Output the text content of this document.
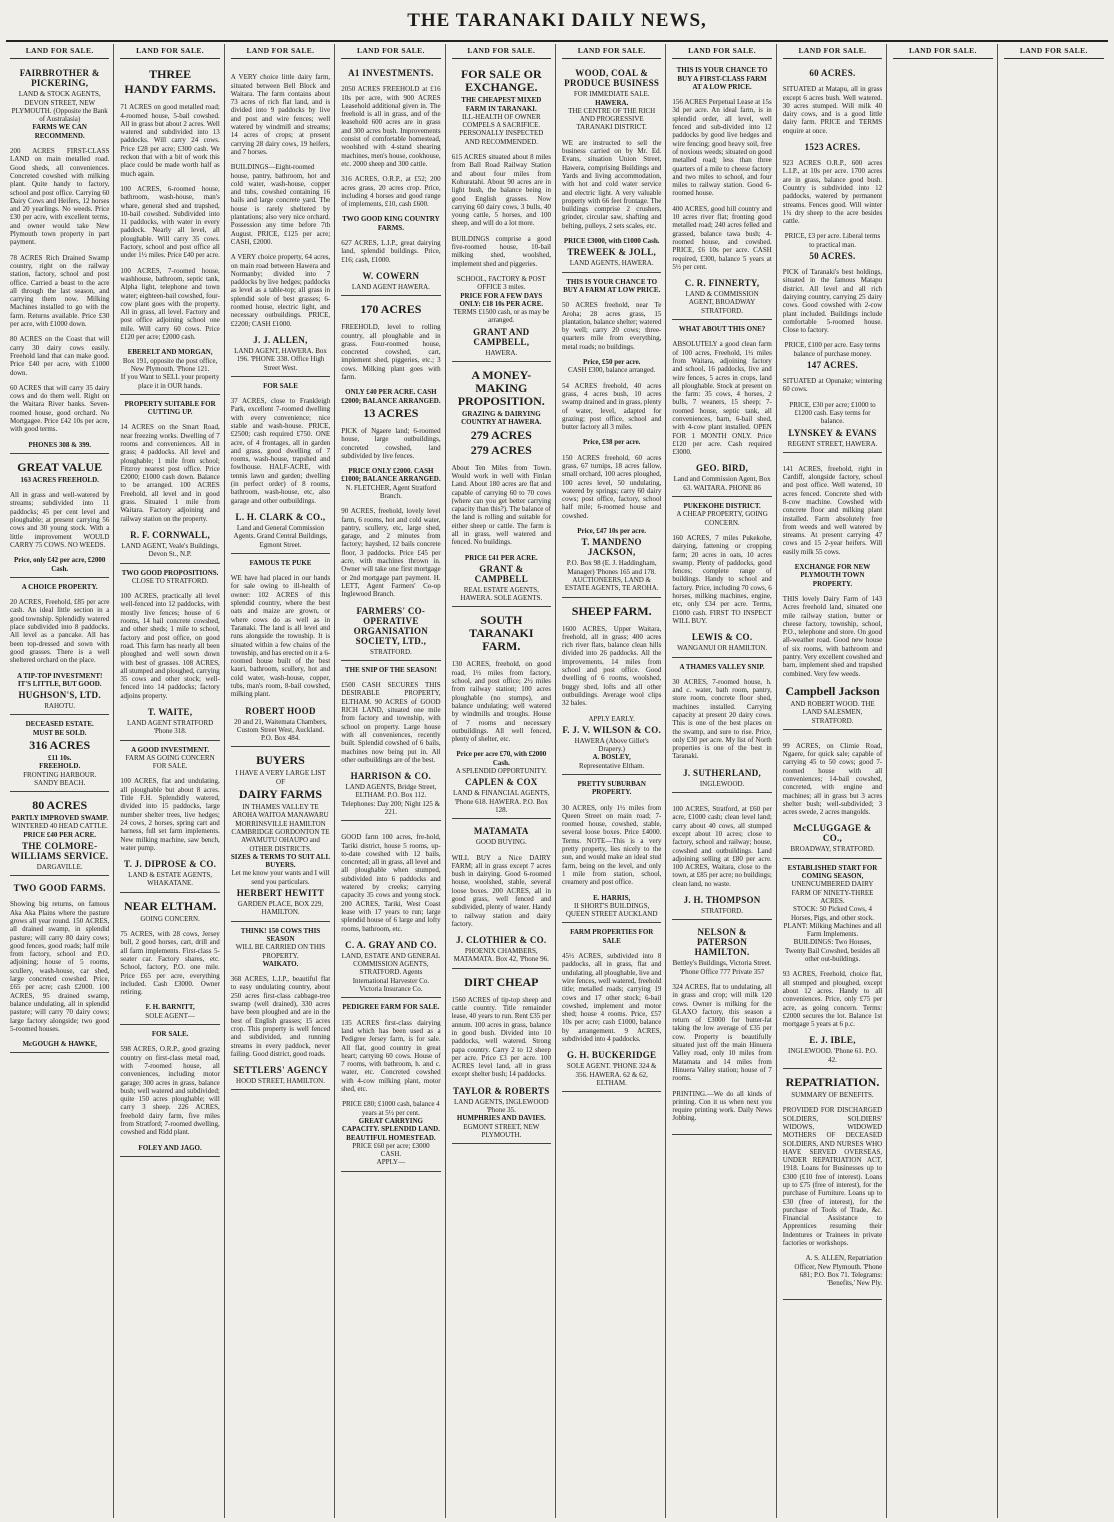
THE TARANAKI DAILY NEWS,
LAND FOR SALE.
FAIRBROTHER & PICKERING,
LAND & STOCK AGENTS,
DEVON STREET, NEW PLYMOUTH. (Opposite the Bank of Australasia)
FARMS WE CAN RECOMMEND.

200 ACRES FIRST-CLASS LAND on main metalled road. Good sheds, all conveniences. Concreted cowshed with milking plant. Quite handy to factory, school and post office. Carrying 60 Dairy Cows and Heifers, 12 horses and 20 yearlings. No weeds. Price £30 per acre, with excellent terms, and owner would take New Plymouth town property in part payment.

78 ACRES Rich Drained Swamp country, right on the railway station, factory, school and post office. Carried a beast to the acre all through the last season, and carrying them now. Milking Machines installed to go with the farm. Returns available. Price £30 per acre, with £1000 down.

80 ACRES on the Coast that will carry 30 dairy cows easily. Freehold land that can make good. Price £40 per acre, with £1000 down.

60 ACRES that will carry 35 dairy cows and do them well. Right on the Waitara River banks. Seven-roomed house, good orchard. No Mortgagee. Price £42 10s per acre, with good terms.

PHONES 308 & 399.
GREAT VALUE
163 ACRES FREEHOLD.

All in grass and well-watered by streams; subdivided into 11 paddocks; 45 per cent level and ploughable; at present carrying 56 cows and 30 young stock. With a little improvement WOULD CARRY 75 COWS. NO WEEDS.

Price, only £42 per acre, £2000 Cash.
A CHOICE PROPERTY.

20 ACRES, Freehold, £85 per acre cash. An ideal little section in a good township. Splendidly watered place subdivided into 8 paddocks. All level as a pancake. All has been top-dressed and sown with good grasses. There is a well sheltered orchard on the place.

A TIP-TOP INVESTMENT! IT'S LITTLE, BUT GOOD.
HUGHSON'S, LTD.
RAHOTU.
DECEASED ESTATE.
MUST BE SOLD.
316 ACRES
£11 10s.
FREEHOLD.
FRONTING HARBOUR.
SANDY BEACH.
80 ACRES
PARTLY IMPROVED SWAMP.
WINTERED 40 HEAD CATTLE.
PRICE £40 PER ACRE.
THE COLMORE-WILLIAMS SERVICE.
DARGAVILLE.
TWO GOOD FARMS.

Showing big returns, on famous Aka Aka Plains where the pasture grows all year round. 150 ACRES, all drained swamp, in splendid pasture; will carry 80 dairy cows; good fences, good roads; half mile from factory, school and P.O. adjoining; house of 5 rooms, scullery, wash-house, car shed, large concreted cowshed. Price, £65 per acre; cash £2000. 100 ACRES, 95 drained swamp, balance undulating, all in splendid pasture; will carry 70 dairy cows; large factory alongside; two good 5-roomed houses.

McGOUGH & HAWKE,
LAND FOR SALE.
THREE
HANDY FARMS.

71 ACRES on good metalled road; 4-roomed house, 5-bail cowshed. All in grass but about 2 acres. Well watered and subdivided into 13 paddocks. Will carry 24 cows. Price £28 per acre; £300 cash. We reckon that with a bit of work this place could be made worth half as much again.

100 ACRES, 6-roomed house, bathroom, wash-house, man's whare, general shed and trapshed, 10-bail cowshed. Subdivided into 11 paddocks, with water in every paddock. Nearly all level, all ploughable. Will carry 35 cows. Factory, school and post office all under 1½ miles. Price £40 per acre.

100 ACRES, 7-roomed house, washhouse, bathroom, septic tank, Alpha light, telephone and town water; eighteen-bail cowshed, four-cow plant goes with the property. All in grass, all level. Factory and post office adjoining school one mile. Will carry 60 cows. Price £120 per acre; £2000 cash.

EBERELT AND MORGAN,
Box 191, opposite the post office, New Plymouth. 'Phone 121.
If you Want to SELL your property place it in OUR hands.
PROPERTY SUITABLE FOR CUTTING UP.

14 ACRES on the Smart Road, near freezing works. Dwelling of 7 rooms and conveniences. All in grass; 4 paddocks. All level and ploughable; 1 mile from school; Fitzroy nearest post office. Price £2000; £1000 cash down. Balance to be arranged. 100 ACRES Freehold, all level and in good grass. Situated 1 mile from Waitara. Factory adjoining and railway station on the property.

R. F. CORNWALL,
LAND AGENT, Veale's Buildings, Devon St., N.P.
TWO GOOD PROPOSITIONS.
CLOSE TO STRATFORD.

100 ACRES, practically all level well-fenced into 12 paddocks, with mostly live fences; house of 6 rooms, 14 bail concrete cowshed, and other sheds; 1 mile to school, factory and post office, on good road. This farm has nearly all been ploughed and well sown down with best of grasses. 108 ACRES, all stumped and ploughed, carrying 35 cows and other stock; well-fenced into 14 paddocks; factory adjoins property.

T. WAITE,
LAND AGENT STRATFORD 'Phone 318.
A GOOD INVESTMENT.
FARM AS GOING CONCERN
FOR SALE.

100 ACRES, flat and undulating, all ploughable but about 8 acres. Title F.H. Splendidly watered, divided into 15 paddocks, large number shelter trees, live hedges; 24 cows, 2 horses, spring cart and harness, full set farm implements. New milking machine, saw bench, water pump.

T. J. DIPROSE & CO.
LAND & ESTATE AGENTS, WHAKATANE.
NEAR ELTHAM.
GOING CONCERN.

75 ACRES, with 28 cows, Jersey bull, 2 good horses, cart, drill and all farm implements. First-class 5-seater car. Factory shares, etc. School, factory, P.O. one mile. Price £65 per acre, everything included. Cash £3000. Owner retiring.

F. H. BARNITT,
SOLE AGENT—
FOR SALE.

598 ACRES, O.R.P., good grazing country on first-class metal road, with 7-roomed house, all conveniences, including motor garage; 300 acres in grass, balance bush; well watered and subdivided; quite 150 acres ploughable; will carry 3 sheep. 226 ACRES, freehold dairy farm, five miles from Stratford; 7-roomed dwelling, cowshed and Ridd plant.

FOLEY AND JAGO.
LAND FOR SALE.

A VERY choice little dairy farm, situated between Bell Block and Waitara. The farm contains about 73 acres of rich flat land, and is divided into 9 paddocks by live and post and wire fences; well watered by windmill and streams; 14 acres of crops; at present carrying 28 dairy cows, 19 heifers, and 7 horses.

BUILDINGS—Eight-roomed house, pantry, bathroom, hot and cold water, wash-house, copper and tubs, cowshed containing 16 bails and large concrete yard. The house is rarely sheltered by plantations; also very nice orchard. Possession any time before 7th August. PRICE, £125 per acre; CASH, £2000.

A VERY choice property, 64 acres, on main road between Hawera and Normanby; divided into 7 paddocks by live hedges; paddocks as level as a table-top; all grass in splendid sole of best grasses; 6-roomed house, electric light, and necessary outbuildings. PRICE, £2200; CASH £1000.

J. J. ALLEN,
LAND AGENT, HAWERA. Box 196. 'PHONE 338. Office High Street West.
FOR SALE

37 ACRES, close to Frankleigh Park, excellent 7-roomed dwelling with every convenience; nice stable and wash-house. PRICE, £2500; cash required £750. ONE acre, of 4 frontages, all in garden and grass, good dwelling of 7 rooms, wash-house, trapshed and fowlhouse. HALF-ACRE, with tennis lawn and garden; dwelling (in perfect order) of 8 rooms, bathroom, wash-house, etc, also garage and other outbuildings.

L. H. CLARK & CO.,
Land and General Commission Agents. Grand Central Buildings, Egmont Street.
FAMOUS TE PUKE

WE have had placed in our hands for sale owing to ill-health of owner: 102 ACRES of this splendid country, where the best oats and maize are grown, or where cows do as well as in Taranaki. The land is all level and runs alongside the township. It is situated within a few chains of the township, and has erected on it a 6-roomed house built of the best kauri, bathroom, scullery, hot and cold water, wash-house, copper, tubs, man's room, 8-bail cowshed, milking plant.

ROBERT HOOD
20 and 21, Waitemata Chambers, Custom Street West, Auckland. P.O. Box 484.
BUYERS
I HAVE A VERY LARGE LIST OF
DAIRY FARMS
IN THAMES VALLEY TE AROHA WAITOA MANAWARU MORRINSVILLE HAMILTON CAMBRIDGE GORDONTON TE AWAMUTU OHAUPO and OTHER DISTRICTS.
SIZES & TERMS TO SUIT ALL BUYERS.
Let me know your wants and I will send you particulars.
HERBERT HEWITT
GARDEN PLACE, BOX 229, HAMILTON.
THINK! 150 COWS THIS SEASON
WILL BE CARRIED ON THIS PROPERTY.
WAIKATO.

368 ACRES, L.I.P., beautiful flat to easy undulating country, about 250 acres first-class cabbage-tree swamp (well drained), 330 acres have been ploughed and are in the best of English grasses; 15 acres crop. This property is well fenced and subdivided, and running streams in every paddock, never failing. Good district, good roads.

SETTLERS' AGENCY
HOOD STREET, HAMILTON.
LAND FOR SALE.
A1 INVESTMENTS.

2050 ACRES FREEHOLD at £16 10s per acre, with 900 ACRES Leasehold additional given in. The freehold is all in grass, and of the leasehold 600 acres are in grass and 300 acres bush. Improvements consist of comfortable homestead, woolshed with 4-stand shearing machines, men's house, cookhouse, etc. 2000 sheep and 300 cattle.

316 ACRES, O.R.P., at £52; 200 acres grass, 20 acres crop. Price, including 4 horses and good range of implements, £10, cash £600.

TWO GOOD KING COUNTRY FARMS.

627 ACRES, L.I.P., great dairying land, splendid buildings. Price, £16; cash, £1000.

W. COWERN
LAND AGENT HAWERA.
170 ACRES

FREEHOLD, level to rolling country, all ploughable and in grass. Four-roomed house, concreted cowshed, cart, implement shed, piggeries, etc.; 3 cows. Milking plant goes with farm.

ONLY £40 PER ACRE. CASH £2000; BALANCE ARRANGED.
13 ACRES

PICK of Ngaere land; 6-roomed house, large outbuildings, concreted cowshed, land subdivided by live fences.

PRICE ONLY £2000. CASH £1000; BALANCE ARRANGED.
N. FLETCHER, Agent Stratford Branch.

90 ACRES, freehold, lovely level farm, 6 rooms, hot and cold water, pantry, scullery, etc, large shed, garage, and 2 minutes from factory; hayshed, 12 bails concrete floor, 3 paddocks. Price £45 per acre, with machines thrown in. Owner will take one first mortgage or 2nd mortgage part payment. H. LETT, Agent Farmers' Co-op Inglewood Branch.

FARMERS' CO-OPERATIVE ORGANISATION SOCIETY, LTD.,
STRATFORD.
THE SNIP OF THE SEASON!

£500 CASH SECURES THIS DESIRABLE PROPERTY, ELTHAM. 90 ACRES of GOOD RICH LAND, situated one mile from factory and township, with school on property. Large house with all conveniences, recently built. Splendid cowshed of 6 bails, machines now being put in. All other outbuildings are of the best.

HARRISON & CO.
LAND AGENTS, Bridge Street, ELTHAM. P.O. Box 112. Telephones: Day 200; Night 125 & 221.

GOOD farm 100 acres, fre-hold, Tariki district, house 5 rooms, up-to-date cowshed with 12 bails, concreted; all in grass, all level and all ploughable when stumped, subdivided into 6 paddocks and watered by creeks; carrying capacity 35 cows and young stock. 200 ACRES, Tariki, West Coast lease with 17 years to run; large splendid house of 6 large and lofty rooms, bathroom, etc.

C. A. GRAY AND CO.
LAND, ESTATE AND GENERAL COMMISSION AGENTS, STRATFORD. Agents International Harvester Co. Victoria Insurance Co.
PEDIGREE FARM FOR SALE.

135 ACRES first-class dairying land which has been used as a Pedigree Jersey farm, is for sale. All flat, good country in great heart; carrying 60 cows. House of 7 rooms, with bathroom, h. and c. water, etc. Concreted cowshed with 4-cow milking plant, motor shed, etc.

PRICE £80; £1000 cash, balance 4 years at 5½ per cent.
GREAT CARRYING CAPACITY. SPLENDID LAND. BEAUTIFUL HOMESTEAD.
PRICE £60 per acre; £3000 CASH.
APPLY—
LAND FOR SALE.
FOR SALE OR EXCHANGE.
THE CHEAPEST MIXED FARM IN TARANAKI.
ILL-HEALTH OF OWNER COMPELS A SACRIFICE.
PERSONALLY INSPECTED AND RECOMMENDED.

615 ACRES situated about 8 miles from Ball Road Railway Station and about four miles from Kohuratahi. About 90 acres are in light bush, the balance being in good English grasses. Now carrying 60 dairy cows, 3 bulls, 40 young cattle, 5 horses, and 100 sheep, and will do a lot more.

BUILDINGS comprise a good five-roomed house, 10-bail milking shed, woolshed, implement shed and piggeries.

SCHOOL, FACTORY & POST OFFICE 3 miles.
PRICE FOR A FEW DAYS ONLY: £18 10s PER ACRE.
TERMS £1500 cash, or as may be arranged.
GRANT AND CAMPBELL,
HAWERA.
A MONEY-MAKING PROPOSITION.
GRAZING & DAIRYING COUNTRY AT HAWERA.
279 ACRES
279 ACRES

About Ten Miles from Town. Would work in well with Finlan Land. About 180 acres are flat and capable of carrying 60 to 70 cows (where can you get better carrying capacity than this?). The balance of the land is rolling and suitable for either sheep or cattle. The farm is all in grass, well watered and fenced. No buildings.

PRICE £41 PER ACRE.
GRANT & CAMPBELL
REAL ESTATE AGENTS, HAWERA. SOLE AGENTS.
SOUTH TARANAKI FARM.

130 ACRES, freehold, on good road, 1½ miles from factory, school, and post office; 2½ miles from railway station; 100 acres ploughable (no stumps), and balance undulating; well watered by windmills and troughs. House of 7 rooms and necessary outbuildings. All well fenced, plenty of shelter, etc.

Price per acre £70, with £2000 Cash.
A SPLENDID OPPORTUNITY.
CAPLEN & COX
LAND & FINANCIAL AGENTS, 'Phone 618. HAWERA. P.O. Box 128.
MATAMATA
GOOD BUYING.

WILL BUY a Nice DAIRY FARM; all in grass except 7 acres bush in dairying. Good 6-roomed house, woolshed, stable, several loose boxes. 200 ACRES, all in good grass, well fenced and subdivided, plenty of water. Handy to railway station and dairy factory.

J. CLOTHIER & CO.
PHOENIX CHAMBERS, MATAMATA. Box 42, 'Phone 96.
DIRT CHEAP

1560 ACRES of tip-top sheep and cattle country. Title remainder lease, 40 years to run. Rent £35 per annum. 100 acres in grass, balance in good bush. Divided into 10 paddocks, well watered. Strong papa country. Carry 2 to 12 sheep per acre. Price £3 per acre. 100 ACRES level land, all in grass except shelter bush; 14 paddocks.

TAYLOR & ROBERTS
LAND AGENTS, INGLEWOOD 'Phone 35.
HUMPHRIES AND DAVIES.
EGMONT STREET, NEW PLYMOUTH.
LAND FOR SALE.
WOOD, COAL & PRODUCE BUSINESS
FOR IMMEDIATE SALE.
HAWERA.
THE CENTRE OF THE RICH AND PROGRESSIVE TARANAKI DISTRICT.

WE are instructed to sell the business carried on by Mr. Ed. Evans, situation Union Street, Hawera, comprising Buildings and Yards and living accommodation, with hot and cold water service and electric light. A very valuable property with 66 feet frontage. The buildings comprise 2 crushers, grinder, circular saw, shafting and belting, pulleys, 2 sets scales, etc.

PRICE £3000, with £1000 Cash.
TREWEEK & JOLL,
LAND AGENTS, HAWERA.
THIS IS YOUR CHANCE TO BUY A FARM AT LOW PRICE.

50 ACRES freehold, near Te Aroha; 28 acres grass, 15 plantation, balance shelter; watered by well; carry 20 cows; three-quarters mile from everything, metal roads; no buildings.

Price, £50 per acre.
CASH £300, balance arranged.

54 ACRES freehold, 40 acres grass, 4 acres bush, 10 acres swamp drained and in grass, plenty of water, level, adapted for grazing; post office, school and butter factory all 3 miles.

Price, £38 per acre.

150 ACRES freehold, 60 acres grass, 67 turnips, 18 acres fallow, small orchard, 100 acres ploughed, 100 acres level, 50 undulating, watered by springs; carry 60 dairy cows; post office, factory, school half mile; 6-roomed house and cowshed.

Price, £47 10s per acre.
T. MANDENO JACKSON,
P.O. Box 98 (E. J. Haddingham, Manager) 'Phones 165 and 178. AUCTIONEERS, LAND & ESTATE AGENTS, TE AROHA.
SHEEP FARM.

1600 ACRES, Upper Waitara, freehold, all in grass; 400 acres rich river flats, balance clean hills divided into 26 paddocks. All the improvements, 14 miles from school and post office. Good dwelling of 6 rooms, woolshed, buggy shed, lofts and all other outbuildings. Average wool clips 32 bales.

APPLY EARLY.
F. J. V. WILSON & CO.
HAWERA (Above Gillet's Drapery.)
A. BOSLEY,
Representative Eltham.
PRETTY SUBURBAN PROPERTY.

30 ACRES, only 1½ miles from Queen Street on main road; 7-roomed house, cowshed, stable, several loose boxes. Price £4000. Terms. NOTE—This is a very pretty property, lies nicely to the sun, and would make an ideal stud farm, being on the level, and only 1 mile from station, school, creamery and post office.

E. HARRIS,
II SHORT'S BUILDINGS, QUEEN STREET AUCKLAND
FARM PROPERTIES FOR SALE

45½ ACRES, subdivided into 8 paddocks, all in grass, flat and undulating, all ploughable, live and wire fences, well watered, freehold title; metalled roads; carrying 19 cows and 17 other stock; 6-bail cowshed, implement and motor shed; house 4 rooms. Price, £57 10s per acre; cash £1000, balance by arrangement. 9 ACRES, subdivided into 4 paddocks.

G. H. BUCKERIDGE
SOLE AGENT. 'PHONE 324 & 356. HAWERA. 62 & 62, ELTHAM.
LAND FOR SALE.
THIS IS YOUR CHANCE TO BUY A FIRST-CLASS FARM AT A LOW PRICE.

156 ACRES Perpetual Lease at 15s 3d per acre. An ideal farm, is in splendid order, all level, well fenced and sub-divided into 12 paddocks by good live hedges and wire fencing; good heavy soil, free of noxious weeds; situated on good metalled road; less than three quarters of a mile to cheese factory and two miles to school, and four miles to railway station. Good 6-roomed house.

400 ACRES, good hill country and 10 acres river flat; fronting good metalled road; 240 acres felled and grassed, balance tawa bush; 4-roomed house, and cowshed. PRICE, £6 10s per acre. CASH required, £300, balance 5 years at 5½ per cent.

C. R. FINNERTY,
LAND & COMMISSION AGENT, BROADWAY STRATFORD.
WHAT ABOUT THIS ONE?

ABSOLUTELY a good clean farm of 100 acres, Freehold, 1½ miles from Waitara, adjoining factory and school, 16 paddocks, live and wire fences, 5 acres in crops, land all ploughable. Stock at present on the farm: 35 cows, 4 horses, 2 bulls, 7 weaners, 15 sheep; 7-roomed house, septic tank, all conveniences, barn, 6-bail shed, with 4-cow plant installed. OPEN FOR 1 MONTH ONLY. Price £120 per acre. Cash required £3000.

GEO. BIRD,
Land and Commission Agent, Box 63. WAITARA. PHONE 86
PUKEKOHE DISTRICT.
A CHEAP PROPERTY, GOING CONCERN.

160 ACRES, 7 miles Pukekohe, dairying, fattening or cropping farm; 20 acres in oats, 10 acres swamp. Plenty of paddocks, good fences; complete range of buildings. Handy to school and factory. Price, including 70 cows, 6 horses, milking machines, engine, etc, only £34 per acre. Terms, £1000 cash. FIRST TO INSPECT WILL BUY.

LEWIS & CO.
WANGANUI OR HAMILTON.
A THAMES VALLEY SNIP.

30 ACRES, 7-roomed house, h. and c. water, bath room, pantry, store room, concrete floor shed, machines installed. Carrying capacity at present 20 dairy cows. This is one of the best places on the swamp, and sure to rise. Price, only £30 per acre. My list of North properties is one of the best in Taranaki.

J. SUTHERLAND,
INGLEWOOD.

100 ACRES, Stratford, at £60 per acre, £1000 cash; clean level land; carry about 40 cows, all stumped except about 10 acres; close to factory, school and railway; house, cowshed and outbuildings. Land adjoining selling at £80 per acre. 100 ACRES, Waitara, close to the town, at £85 per acre; no buildings; clean land, no waste.

J. H. THOMPSON
STRATFORD.
NELSON & PATERSON HAMILTON.
Bettley's Buildings, Victoria Street. 'Phone Office 777 Private 357

324 ACRES, flat to undulating, all in grass and crop; will milk 120 cows. Owner is milking for the GLAXO factory, this season a return of £3000 for butter-fat taking the low average of £35 per cow. Property is beautifully situated just off the main Hinuera Valley road, only 10 miles from Matamata and 14 miles from Hinuera Valley station; house of 7 rooms.

PRINTING.—We do all kinds of printing. Con it us when next you require printing work. Daily News Jobbing.

LAND FOR SALE.
60 ACRES.

SITUATED at Matapu, all in grass except 6 acres bush. Well watered. 30 acres stumped. Will milk 40 dairy cows, and is a good little dairy farm. PRICE and TERMS enquire at once.

1523 ACRES.

923 ACRES O.R.P., 600 acres L.I.P., at 10s per acre. 1700 acres are in grass, balance good bush. Country is subdivided into 12 paddocks, watered by permanent streams. Fences good. Will winter 1¼ dry sheep to the acre besides cattle.

PRICE, £3 per acre. Liberal terms to practical man.
50 ACRES.

PICK of Taranaki's best holdings, situated in the famous Matapu district. All level and all rich dairying country, carrying 25 dairy cows. Good cowshed with 2-cow plant included. Buildings include comfortable 5-roomed house. Close to factory.

PRICE, £100 per acre. Easy terms balance of purchase money.
147 ACRES.

SITUATED at Opunake; wintering 60 cows.

PRICE, £30 per acre; £1000 to £1200 cash. Easy terms for balance.
LYNSKEY & EVANS
REGENT STREET, HAWERA.

141 ACRES, freehold, right in Cardiff, alongside factory, school and post office. Well watered, 10 acres fenced. Concrete shed with 8-cow machine. Cowshed with concrete floor and milking plant installed. Farm absolutely free from weeds and well watered by streams. At present carrying 47 cows and 15 2-year heifers. Will easily milk 55 cows.

EXCHANGE FOR NEW PLYMOUTH TOWN PROPERTY.

THIS lovely Dairy Farm of 143 Acres freehold land, situated one mile railway station, butter or cheese factory, township, school, P.O., telephone and store. On good all-weather road. Good new house of six rooms, with bathroom and pantry. Very excellent cowshed and barn, implement shed and trapshed combined. Very few weeds.

Campbell Jackson
AND ROBERT WOOD. THE LAND SALESMEN, STRATFORD.

99 ACRES, on Climie Road, Ngaere, for quick sale; capable of carrying 45 to 50 cows; good 7-roomed house with all conveniences; 14-bail cowshed, concreted, with engine and machines; all in grass but 3 acres shelter bush; well-subdivided; 3 acres swede, 2 acres mangolds.

McCLUGGAGE & CO.,
BROADWAY, STRATFORD.
ESTABLISHED START FOR COMING SEASON,
UNENCUMBERED DAIRY FARM OF NINETY-THREE ACRES.
STOCK: 50 Picked Cows, 4 Horses, Pigs, and other stock.
PLANT: Milking Machines and all Farm Implements.
BUILDINGS: Two Houses, Twenty Bail Cowshed, besides all other out-buildings.

93 ACRES, Freehold, choice flat, all stumped and ploughed, except about 12 acres. Handy to all conveniences. Price, only £75 per acre, as going concern. Terms: £2000 secures the lot. Balance 1st mortgage 5 years at 6 p.c.

E. J. IBLE,
INGLEWOOD. 'Phone 61. P.O. 42.
REPATRIATION.
SUMMARY OF BENEFITS.

PROVIDED FOR DISCHARGED SOLDIERS, SOLDIERS' WIDOWS, WIDOWED MOTHERS OF DECEASED SOLDIERS, AND NURSES WHO HAVE SERVED OVERSEAS, UNDER REPATRIATION ACT, 1918. Loans for Businesses up to £300 (£10 free of interest). Loans up to £75 (free of interest), for the purchase of Furniture. Loans up to £30 (free of interest), for the purchase of Tools of Trade, &c. Financial Assistance to Apprentices resuming their Indentures or Trainees in private factories or workshops.

A. S. ALLEN, Repatriation Officer, New Plymouth. 'Phone 681; P.O. Box 71. Telegrams: 'Benefits,' New Ply.

LAND FOR SALE.	LAND FOR SALE.
